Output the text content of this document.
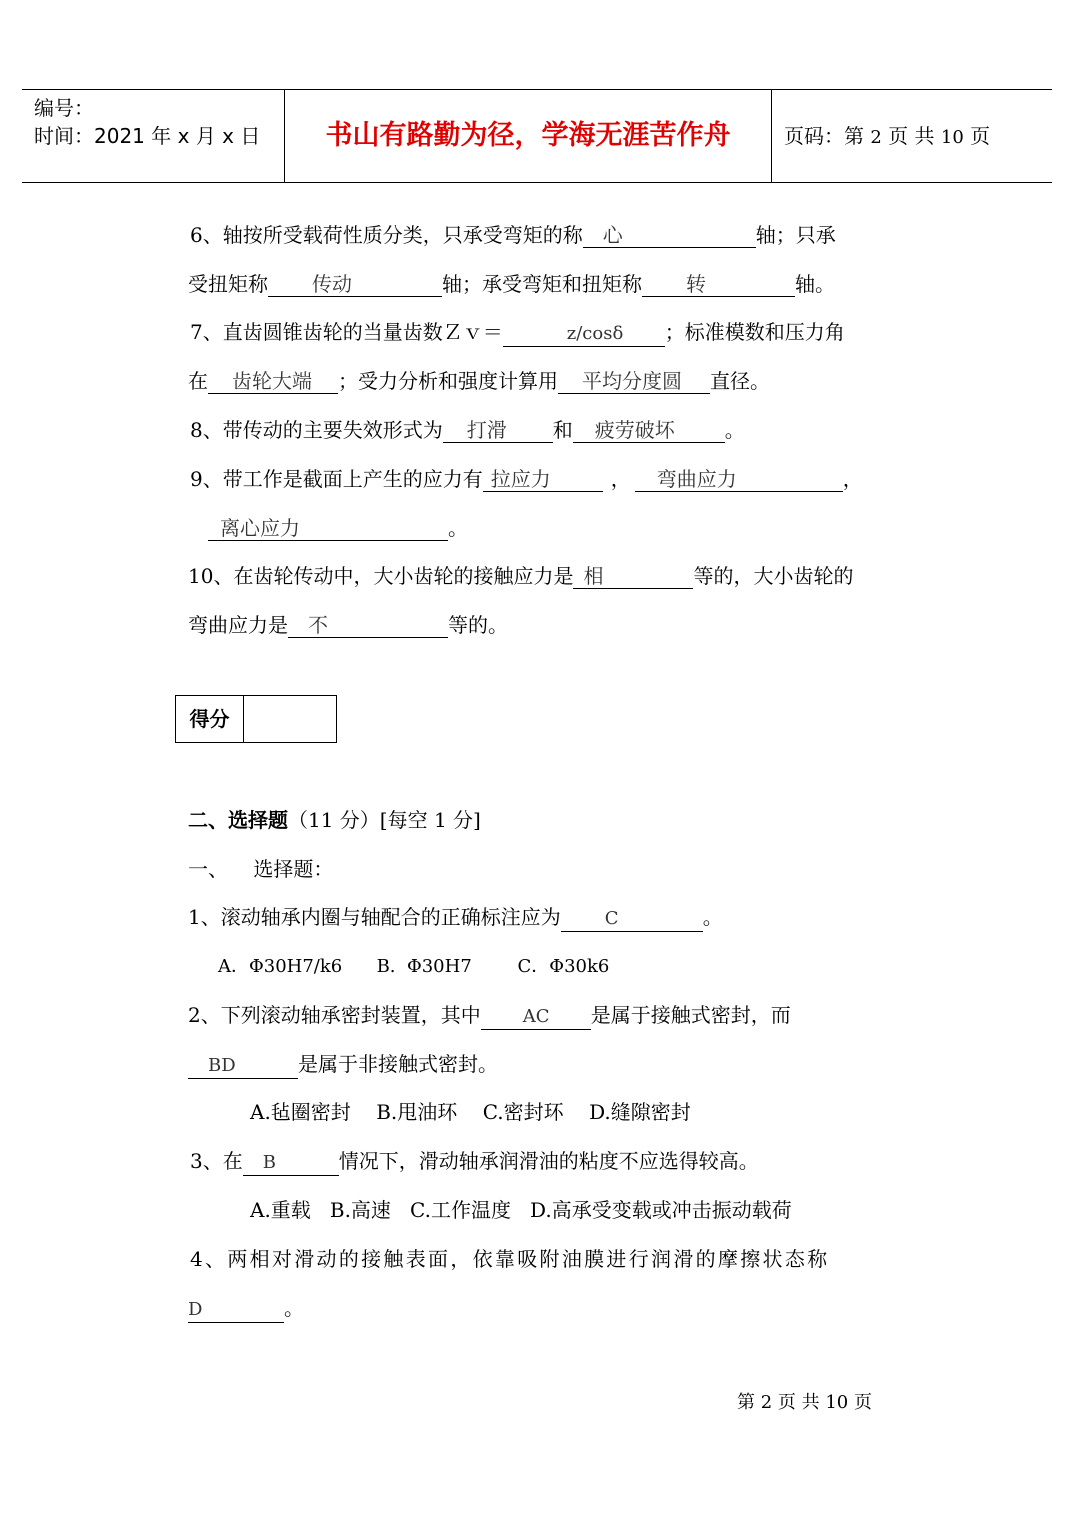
编号：
时间：2021 年 x 月 x 日	书山有路勤为径，学海无涯苦作舟	页码：第 2 页 共 10 页
6、轴按所受载荷性质分类，只承受弯矩的称 心	轴；只承
受扭矩称 传动	轴；承受弯矩和扭矩称 转	轴。
7、直齿圆锥齿轮的当量齿数Ｚｖ＝	z/cosδ ；标准模数和压力角
在 齿轮大端 ；受力分析和强度计算用 平均分度圆 直径。
8、带传动的主要失效形式为 打滑 和 疲劳破坏	。
9、带工作是截面上产生的应力有 拉应力	， 弯曲应力	，
离心应力	。
10、在齿轮传动中，大小齿轮的接触应力是 相	等的，大小齿轮的
弯曲应力是 不	等的。
得分
二、选择题（11 分）[每空 1 分]
一、    选择题：
1、滚动轴承内圈与轴配合的正确标注应为 C	。
A．Φ30H7/k6      B.  Φ30H7        C．Φ30k6
2、下列滚动轴承密封装置，其中 AC 是属于接触式密封，而
BD	是属于非接触式密封。
A.毡圈密封    B.甩油环    C.密封环    D.缝隙密封
3、在 B	情况下，滑动轴承润滑油的粘度不应选得较高。
A.重载   B.高速   C.工作温度   D.高承受变载或冲击振动载荷
4、两相对滑动的接触表面，依靠吸附油膜进行润滑的摩擦状态称
D	。
第 2 页 共 10 页
